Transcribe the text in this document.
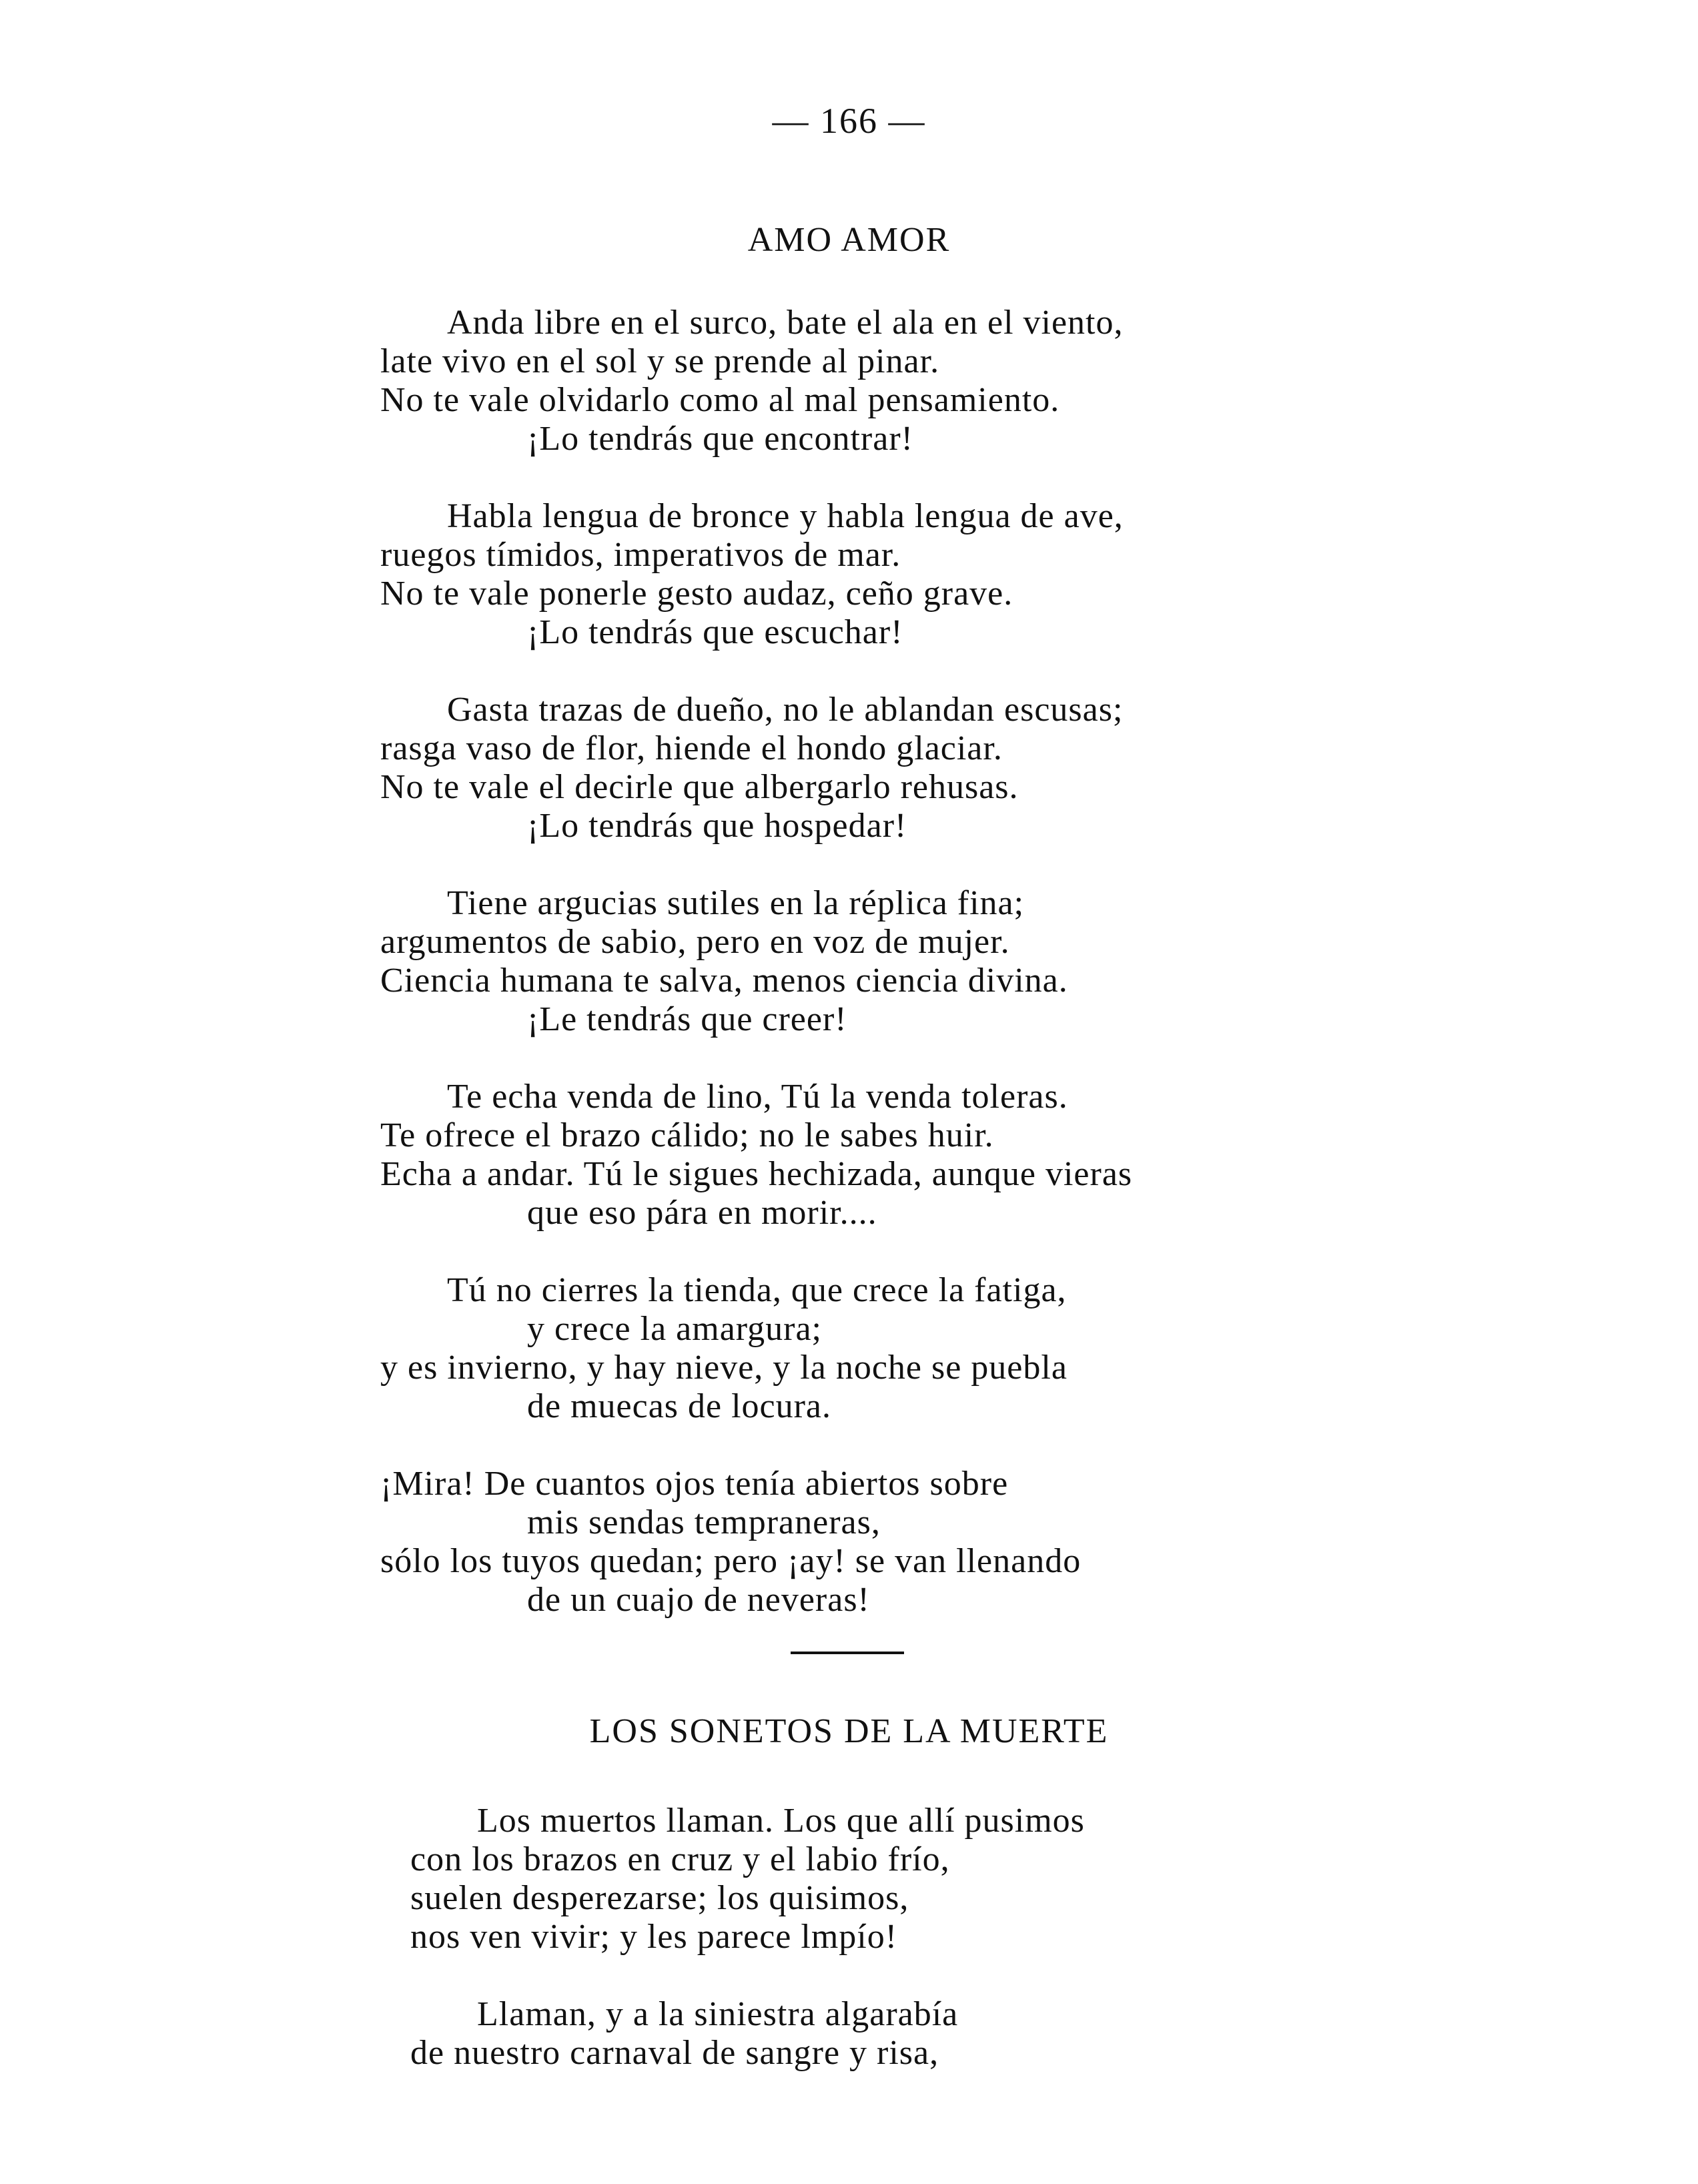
— 166 —
AMO AMOR
Anda libre en el surco, bate el ala en el viento,
late vivo en el sol y se prende al pinar.
No te vale olvidarlo como al mal pensamiento.
¡Lo tendrás que encontrar!
Habla lengua de bronce y habla lengua de ave,
ruegos tímidos, imperativos de mar.
No te vale ponerle gesto audaz, ceño grave.
¡Lo tendrás que escuchar!
Gasta trazas de dueño, no le ablandan escusas;
rasga vaso de flor, hiende el hondo glaciar.
No te vale el decirle que albergarlo rehusas.
¡Lo tendrás que hospedar!
Tiene argucias sutiles en la réplica fina;
argumentos de sabio, pero en voz de mujer.
Ciencia humana te salva, menos ciencia divina.
¡Le tendrás que creer!
Te echa venda de lino, Tú la venda toleras.
Te ofrece el brazo cálido; no le sabes huir.
Echa a andar. Tú le sigues hechizada, aunque vieras
que eso pára en morir....
Tú no cierres la tienda, que crece la fatiga,
y crece la amargura;
y es invierno, y hay nieve, y la noche se puebla
de muecas de locura.
¡Mira! De cuantos ojos tenía abiertos sobre
mis sendas tempraneras,
sólo los tuyos quedan; pero ¡ay! se van llenando
de un cuajo de neveras!
LOS SONETOS DE LA MUERTE
Los muertos llaman. Los que allí pusimos
con los brazos en cruz y el labio frío,
suelen desperezarse; los quisimos,
nos ven vivir; y les parece lmpío!
Llaman, y a la siniestra algarabía
de nuestro carnaval de sangre y risa,
